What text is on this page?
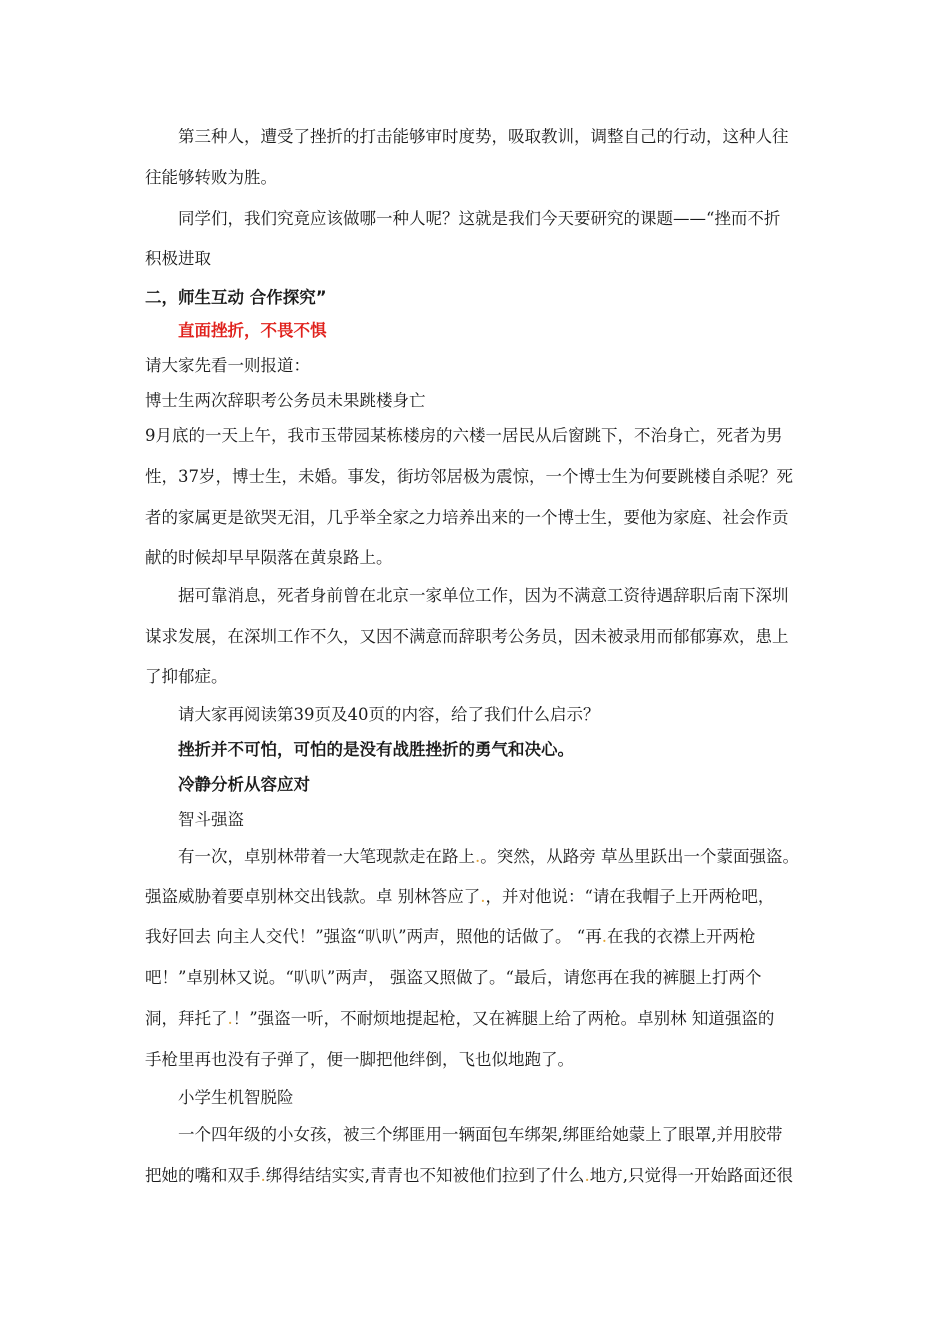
第三种人，遭受了挫折的打击能够审时度势，吸取教训，调整自己的行动，这种人往
往能够转败为胜。
同学们，我们究竟应该做哪一种人呢？这就是我们今天要研究的课题——“挫而不折
积极进取
二，师生互动 合作探究”
直面挫折，不畏不惧
请大家先看一则报道：
博士生两次辞职考公务员未果跳楼身亡
9月底的一天上午，我市玉带园某栋楼房的六楼一居民从后窗跳下，不治身亡，死者为男
性，37岁，博士生，未婚。事发，街坊邻居极为震惊，一个博士生为何要跳楼自杀呢？死
者的家属更是欲哭无泪，几乎举全家之力培养出来的一个博士生，要他为家庭、社会作贡
献的时候却早早陨落在黄泉路上。
据可靠消息，死者身前曾在北京一家单位工作，因为不满意工资待遇辞职后南下深圳
谋求发展，在深圳工作不久，又因不满意而辞职考公务员，因未被录用而郁郁寡欢，患上
了抑郁症。
请大家再阅读第39页及40页的内容，给了我们什么启示？
挫折并不可怕，可怕的是没有战胜挫折的勇气和决心。
冷静分析从容应对
智斗强盗
有一次，卓别林带着一大笔现款走在路上.。突然，从路旁 草丛里跃出一个蒙面强盗。
强盗威胁着要卓别林交出钱款。卓 别林答应了.，并对他说：“请在我帽子上开两枪吧，
我好回去 向主人交代！”强盗“叭叭”两声，照他的话做了。 “再.在我的衣襟上开两枪
吧！”卓别林又说。“叭叭”两声， 强盗又照做了。“最后，请您再在我的裤腿上打两个
洞，拜托了.！”强盗一听，不耐烦地提起枪，又在裤腿上给了两枪。卓别林 知道强盗的
手枪里再也没有子弹了，便一脚把他绊倒，飞也似地跑了。
小学生机智脱险
一个四年级的小女孩，被三个绑匪用一辆面包车绑架,绑匪给她蒙上了眼罩,并用胶带
把她的嘴和双手.绑得结结实实,青青也不知被他们拉到了什么.地方,只觉得一开始路面还很
